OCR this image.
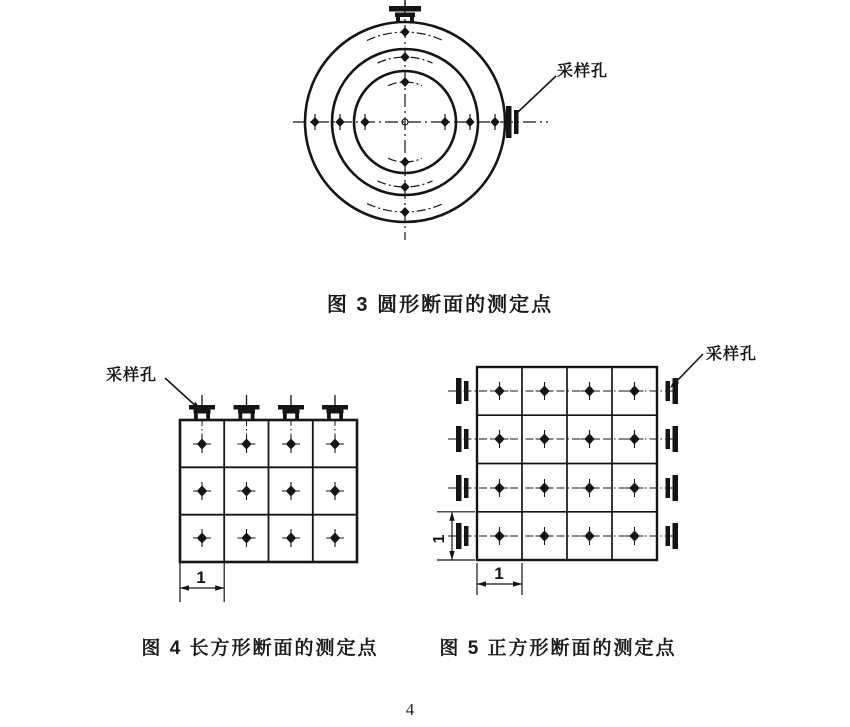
采样孔
图 3 圆形断面的测定点
1
采样孔
图 4 长方形断面的测定点
1
1
采样孔
图 5 正方形断面的测定点
4
